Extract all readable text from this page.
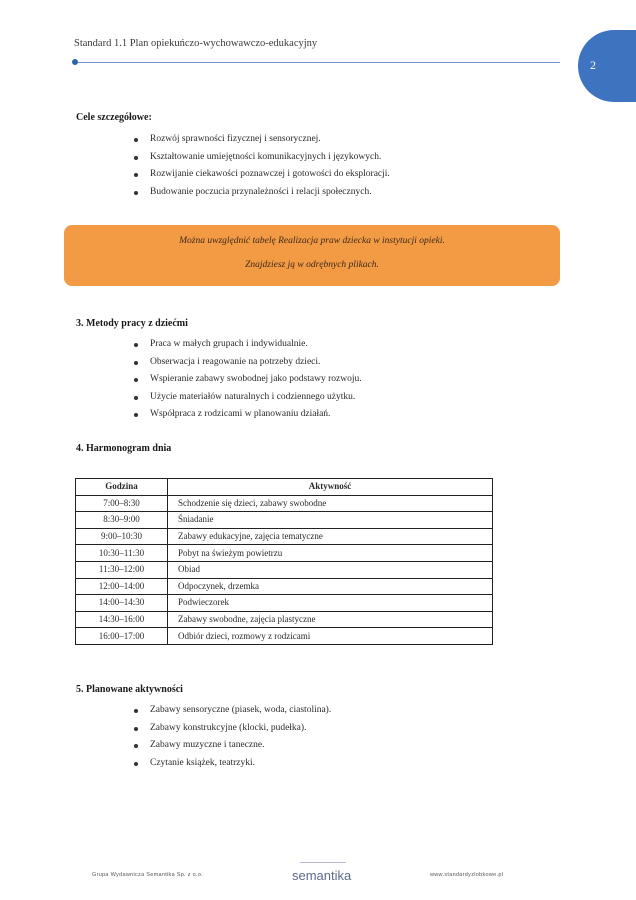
Standard 1.1 Plan opiekuńczo-wychowawczo-edukacyjny
2
Cele szczegółowe:
Rozwój sprawności fizycznej i sensorycznej.
Kształtowanie umiejętności komunikacyjnych i językowych.
Rozwijanie ciekawości poznawczej i gotowości do eksploracji.
Budowanie poczucia przynależności i relacji społecznych.
Można uwzględnić tabelę Realizacja praw dziecka w instytucji opieki.
Znajdziesz ją w odrębnych plikach.
3. Metody pracy z dziećmi
Praca w małych grupach i indywidualnie.
Obserwacja i reagowanie na potrzeby dzieci.
Wspieranie zabawy swobodnej jako podstawy rozwoju.
Użycie materiałów naturalnych i codziennego użytku.
Współpraca z rodzicami w planowaniu działań.
4. Harmonogram dnia
Godzina	Aktywność
7:00–8:30	Schodzenie się dzieci, zabawy swobodne
8:30–9:00	Śniadanie
9:00–10:30	Zabawy edukacyjne, zajęcia tematyczne
10:30–11:30	Pobyt na świeżym powietrzu
11:30–12:00	Obiad
12:00–14:00	Odpoczynek, drzemka
14:00–14:30	Podwieczorek
14:30–16:00	Zabawy swobodne, zajęcia plastyczne
16:00–17:00	Odbiór dzieci, rozmowy z rodzicami
5. Planowane aktywności
Zabawy sensoryczne (piasek, woda, ciastolina).
Zabawy konstrukcyjne (klocki, pudełka).
Zabawy muzyczne i taneczne.
Czytanie książek, teatrzyki.
Grupa Wydawnicza Semantika Sp. z o.o.	semantika	www.standardyzlobkowe.pl
